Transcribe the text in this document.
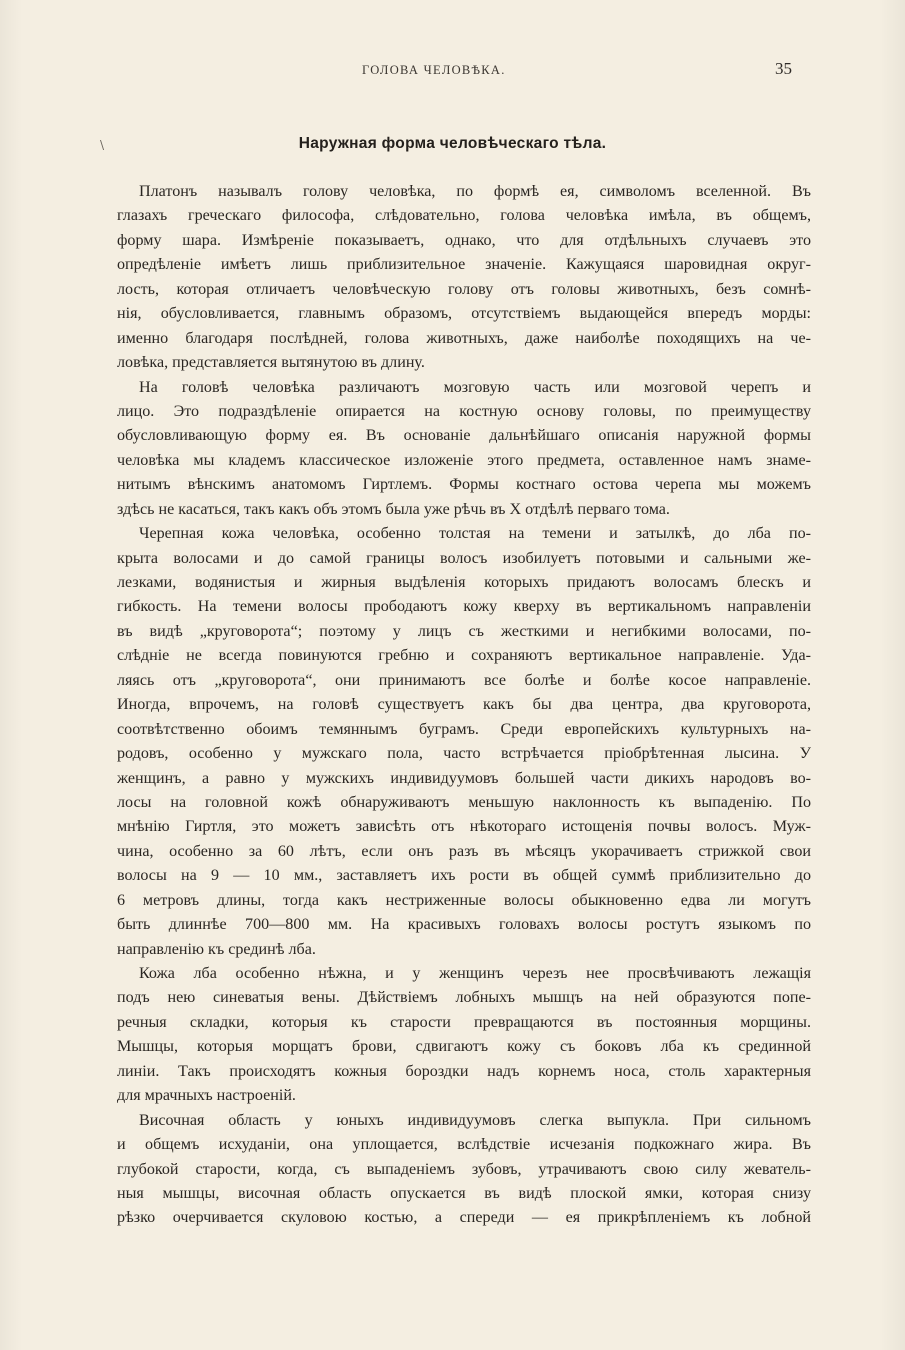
ГОЛОВА ЧЕЛОВѢКА.	35
\	Наружная форма человѣческаго тѣла.
Платонъ называлъ голову человѣка, по формѣ ея, символомъ вселенной. Въ
глазахъ греческаго философа, слѣдовательно, голова человѣка имѣла, въ общемъ,
форму шара. Измѣреніе показываетъ, однако, что для отдѣльныхъ случаевъ это
опредѣленіе имѣетъ лишь приблизительное значеніе. Кажущаяся шаровидная округ-
лость, которая отличаетъ человѣческую голову отъ головы животныхъ, безъ сомнѣ-
нія, обусловливается, главнымъ образомъ, отсутствіемъ выдающейся впередъ морды:
именно благодаря послѣдней, голова животныхъ, даже наиболѣе походящихъ на че-
ловѣка, представляется вытянутою въ длину.
На головѣ человѣка различаютъ мозговую часть или мозговой черепъ и
лицо. Это подраздѣленіе опирается на костную основу головы, по преимуществу
обусловливающую форму ея. Въ основаніе дальнѣйшаго описанія наружной формы
человѣка мы кладемъ классическое изложеніе этого предмета, оставленное намъ знаме-
нитымъ вѣнскимъ анатомомъ Гиртлемъ. Формы костнаго остова черепа мы можемъ
здѣсь не касаться, такъ какъ объ этомъ была уже рѣчь въ X отдѣлѣ перваго тома.
Черепная кожа человѣка, особенно толстая на темени и затылкѣ, до лба по-
крыта волосами и до самой границы волосъ изобилуетъ потовыми и сальными же-
лезками, водянистыя и жирныя выдѣленія которыхъ придаютъ волосамъ блескъ и
гибкость. На темени волосы прободаютъ кожу кверху въ вертикальномъ направленіи
въ видѣ „круговорота“; поэтому у лицъ съ жесткими и негибкими волосами, по-
слѣдніе не всегда повинуются гребню и сохраняютъ вертикальное направленіе. Уда-
ляясь отъ „круговорота“, они принимаютъ все болѣе и болѣе косое направленіе.
Иногда, впрочемъ, на головѣ существуетъ какъ бы два центра, два круговорота,
соотвѣтственно обоимъ темяннымъ буграмъ. Среди европейскихъ культурныхъ на-
родовъ, особенно у мужскаго пола, часто встрѣчается пріобрѣтенная лысина. У
женщинъ, а равно у мужскихъ индивидуумовъ большей части дикихъ народовъ во-
лосы на головной кожѣ обнаруживаютъ меньшую наклонность къ выпаденію. По
мнѣнію Гиртля, это можетъ зависѣть отъ нѣкотораго истощенія почвы волосъ. Муж-
чина, особенно за 60 лѣтъ, если онъ разъ въ мѣсяцъ укорачиваетъ стрижкой свои
волосы на 9 — 10 мм., заставляетъ ихъ рости въ общей суммѣ приблизительно до
6 метровъ длины, тогда какъ нестриженные волосы обыкновенно едва ли могутъ
быть длиннѣе 700—800 мм. На красивыхъ головахъ волосы ростутъ языкомъ по
направленію къ срединѣ лба.
Кожа лба особенно нѣжна, и у женщинъ черезъ нее просвѣчиваютъ лежащія
подъ нею синеватыя вены. Дѣйствіемъ лобныхъ мышцъ на ней образуются попе-
речныя складки, которыя къ старости превращаются въ постоянныя морщины.
Мышцы, которыя морщатъ брови, сдвигаютъ кожу съ боковъ лба къ срединной
линіи. Такъ происходятъ кожныя бороздки надъ корнемъ носа, столь характерныя
для мрачныхъ настроеній.
Височная область у юныхъ индивидуумовъ слегка выпукла. При сильномъ
и общемъ исхуданіи, она уплощается, вслѣдствіе исчезанія подкожнаго жира. Въ
глубокой старости, когда, съ выпаденіемъ зубовъ, утрачиваютъ свою силу жеватель-
ныя мышцы, височная область опускается въ видѣ плоской ямки, которая снизу
рѣзко очерчивается скуловою костью, а спереди — ея прикрѣпленіемъ къ лобной
